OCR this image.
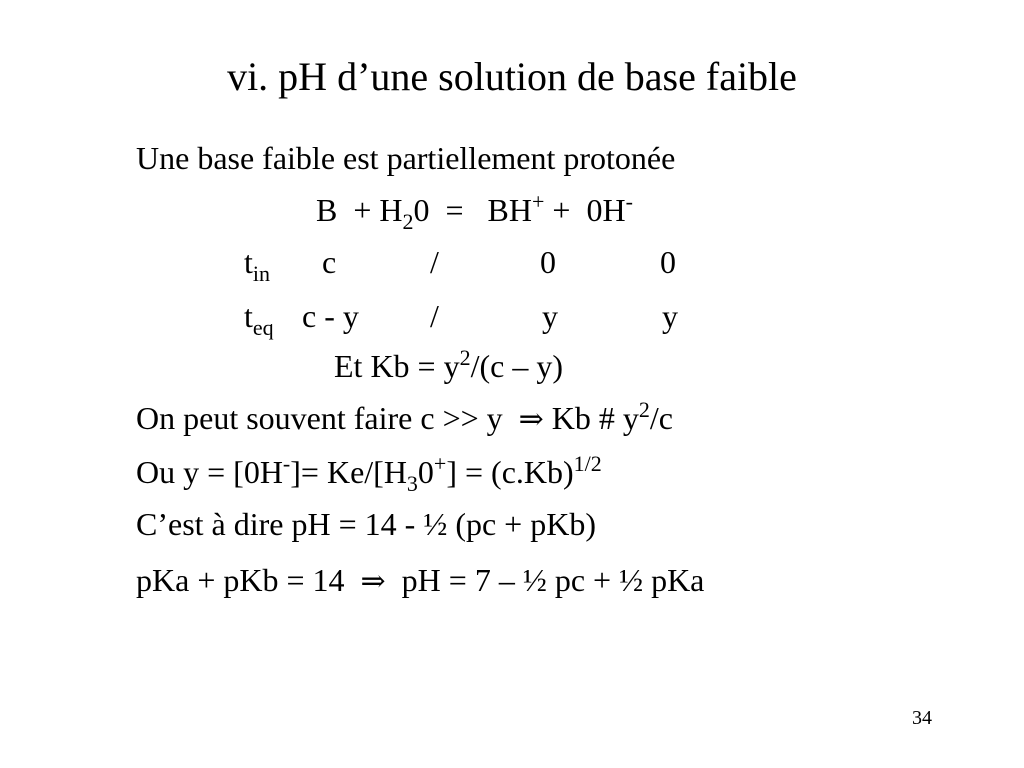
vi. pH d’une solution de base faible
Une base faible est partiellement protonée
$B + H_20 = BH^+ + 0H^-$
$t_{in}$ c	/	0	0
$t_{eq}$ c - y /	y	y
Et $Kb = y^2/(c - y)$
On peut souvent faire c >> y ⇒ Kb # $y^2/c$
Ou $y = [0H^-]= Ke/[H_30^+] = (c.Kb)^{1/2}$
C’est à dire pH = 14 - ½ (pc + pKb)
pKa + pKb = 14 ⇒ pH = 7 – ½ pc + ½ pKa
34
